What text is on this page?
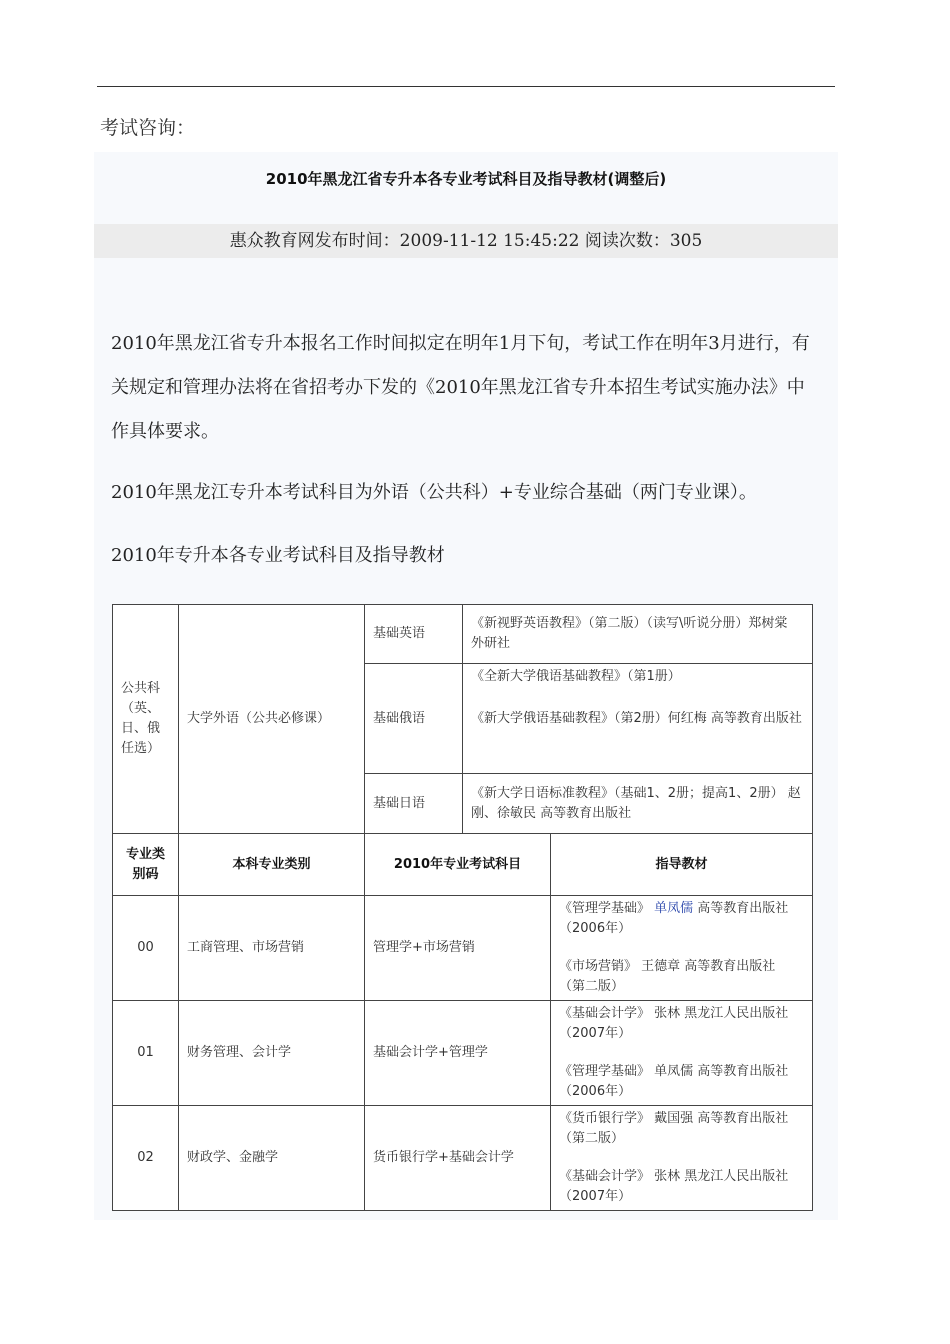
考试咨询：
2010年黑龙江省专升本各专业考试科目及指导教材(调整后)
惠众教育网发布时间：2009-11-12 15:45:22 阅读次数：305
2010年黑龙江省专升本报名工作时间拟定在明年1月下旬，考试工作在明年3月进行，有关规定和管理办法将在省招考办下发的《2010年黑龙江省专升本招生考试实施办法》中作具体要求。
2010年黑龙江专升本考试科目为外语（公共科）+专业综合基础（两门专业课）。
2010年专升本各专业考试科目及指导教材
公共科（英、日、俄任选）	大学外语（公共必修课）	基础英语	《新视野英语教程》（第二版）（读写\听说分册）郑树棠 外研社	

		基础俄语	《全新大学俄语基础教程》（第1册）
《新大学俄语基础教程》（第2册）何红梅 高等教育出版社	

		基础日语	《新大学日语标准教程》（基础1、2册；提高1、2册） 赵刚、徐敏民 高等教育出版社	

专业类别码	本科专业类别	2010年专业考试科目		指导教材
00	工商管理、市场营销	管理学+市场营销		《管理学基础》 单凤儒 高等教育出版社 （2006年）
《市场营销》 王德章 高等教育出版社 （第二版）

01	财务管理、会计学	基础会计学+管理学		《基础会计学》 张林 黑龙江人民出版社（2007年）
《管理学基础》 单凤儒 高等教育出版社 （2006年）

02	财政学、金融学	货币银行学+基础会计学		《货币银行学》 戴国强 高等教育出版社 （第二版）
《基础会计学》 张林 黑龙江人民出版社 （2007年）
